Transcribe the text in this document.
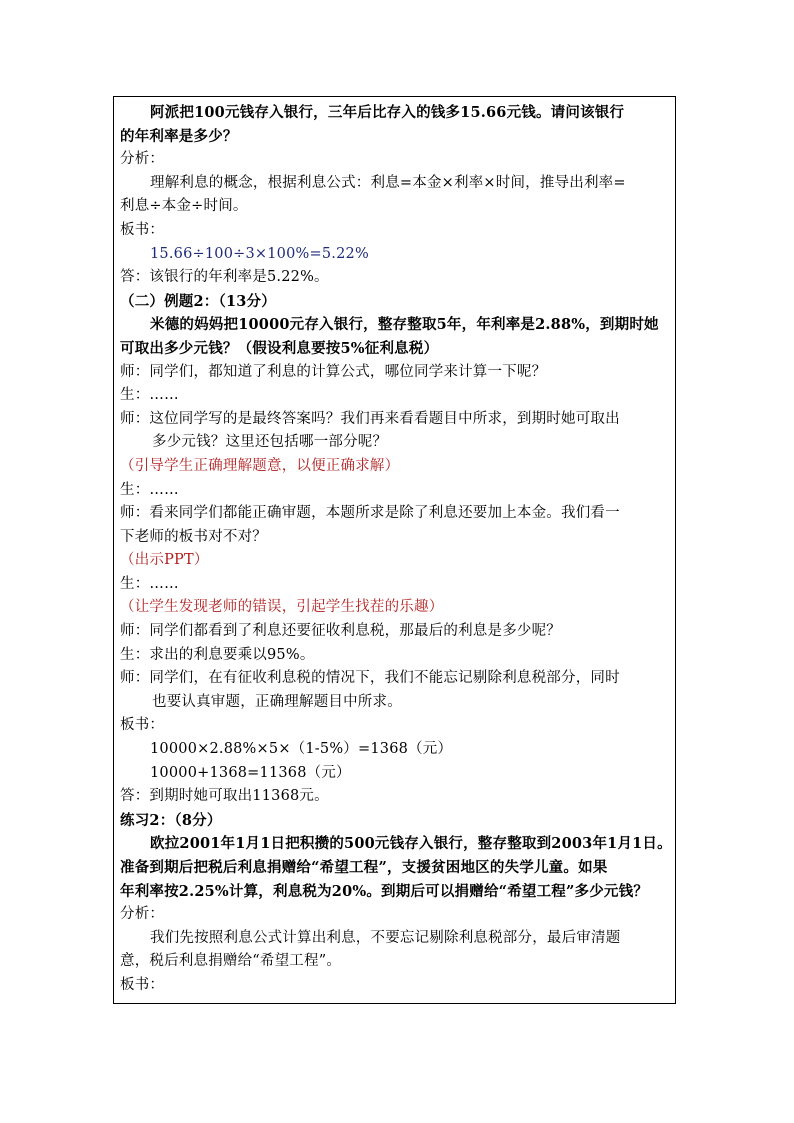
阿派把100元钱存入银行，三年后比存入的钱多15.66元钱。请问该银行
的年利率是多少？
分析：
理解利息的概念，根据利息公式：利息=本金×利率×时间，推导出利率=
利息÷本金÷时间。
板书：
15.66÷100÷3×100%=5.22%
答：该银行的年利率是5.22%。
（二）例题2：（13分）
米德的妈妈把10000元存入银行，整存整取5年，年利率是2.88%，到期时她
可取出多少元钱？（假设利息要按5%征利息税）
师：同学们，都知道了利息的计算公式，哪位同学来计算一下呢？
生：……
师：这位同学写的是最终答案吗？我们再来看看题目中所求，到期时她可取出
多少元钱？这里还包括哪一部分呢？
（引导学生正确理解题意，以便正确求解）
生：……
师：看来同学们都能正确审题，本题所求是除了利息还要加上本金。我们看一
下老师的板书对不对？
（出示PPT）
生：……
（让学生发现老师的错误，引起学生找茬的乐趣）
师：同学们都看到了利息还要征收利息税，那最后的利息是多少呢？
生：求出的利息要乘以95%。
师：同学们，在有征收利息税的情况下，我们不能忘记剔除利息税部分，同时
也要认真审题，正确理解题目中所求。
板书：
10000×2.88%×5×（1-5%）=1368（元）
10000+1368=11368（元）
答：到期时她可取出11368元。
练习2：（8分）
欧拉2001年1月1日把积攒的500元钱存入银行，整存整取到2003年1月1日。
准备到期后把税后利息捐赠给“希望工程”，支援贫困地区的失学儿童。如果
年利率按2.25%计算，利息税为20%。到期后可以捐赠给“希望工程”多少元钱？
分析：
我们先按照利息公式计算出利息，不要忘记剔除利息税部分，最后审清题
意，税后利息捐赠给“希望工程”。
板书：
